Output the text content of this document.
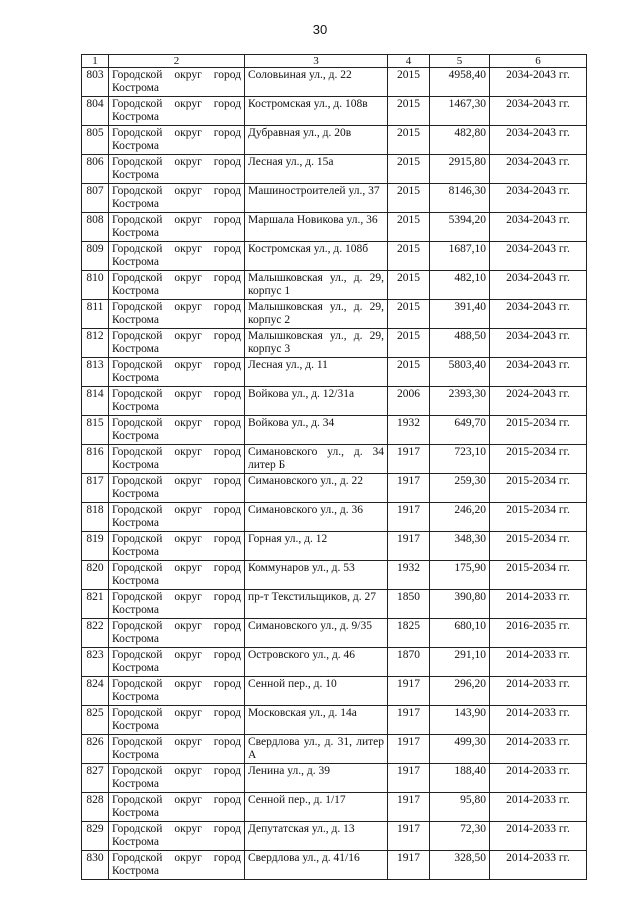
30
1	2	3	4	5	6
803	Городской округ город Кострома	Соловьиная ул., д. 22	2015	4958,40	2034-2043 гг.
804	Городской округ город Кострома	Костромская ул., д. 108в	2015	1467,30	2034-2043 гг.
805	Городской округ город Кострома	Дубравная ул., д. 20в	2015	482,80	2034-2043 гг.
806	Городской округ город Кострома	Лесная ул., д. 15а	2015	2915,80	2034-2043 гг.
807	Городской округ город Кострома	Машиностроителей ул., 37	2015	8146,30	2034-2043 гг.
808	Городской округ город Кострома	Маршала Новикова ул., 36	2015	5394,20	2034-2043 гг.
809	Городской округ город Кострома	Костромская ул., д. 108б	2015	1687,10	2034-2043 гг.
810	Городской округ город Кострома	Малышковская ул., д. 29, корпус 1	2015	482,10	2034-2043 гг.
811	Городской округ город Кострома	Малышковская ул., д. 29, корпус 2	2015	391,40	2034-2043 гг.
812	Городской округ город Кострома	Малышковская ул., д. 29, корпус 3	2015	488,50	2034-2043 гг.
813	Городской округ город Кострома	Лесная ул., д. 11	2015	5803,40	2034-2043 гг.
814	Городской округ город Кострома	Войкова ул., д. 12/31а	2006	2393,30	2024-2043 гг.
815	Городской округ город Кострома	Войкова ул., д. 34	1932	649,70	2015-2034 гг.
816	Городской округ город Кострома	Симановского ул., д. 34 литер Б	1917	723,10	2015-2034 гг.
817	Городской округ город Кострома	Симановского ул., д. 22	1917	259,30	2015-2034 гг.
818	Городской округ город Кострома	Симановского ул., д. 36	1917	246,20	2015-2034 гг.
819	Городской округ город Кострома	Горная ул., д. 12	1917	348,30	2015-2034 гг.
820	Городской округ город Кострома	Коммунаров ул., д. 53	1932	175,90	2015-2034 гг.
821	Городской округ город Кострома	пр-т Текстильщиков, д. 27	1850	390,80	2014-2033 гг.
822	Городской округ город Кострома	Симановского ул., д. 9/35	1825	680,10	2016-2035 гг.
823	Городской округ город Кострома	Островского ул., д. 46	1870	291,10	2014-2033 гг.
824	Городской округ город Кострома	Сенной пер., д. 10	1917	296,20	2014-2033 гг.
825	Городской округ город Кострома	Московская ул., д. 14а	1917	143,90	2014-2033 гг.
826	Городской округ город Кострома	Свердлова ул., д. 31, литер А	1917	499,30	2014-2033 гг.
827	Городской округ город Кострома	Ленина ул., д. 39	1917	188,40	2014-2033 гг.
828	Городской округ город Кострома	Сенной пер., д. 1/17	1917	95,80	2014-2033 гг.
829	Городской округ город Кострома	Депутатская ул., д. 13	1917	72,30	2014-2033 гг.
830	Городской округ город Кострома	Свердлова ул., д. 41/16	1917	328,50	2014-2033 гг.
